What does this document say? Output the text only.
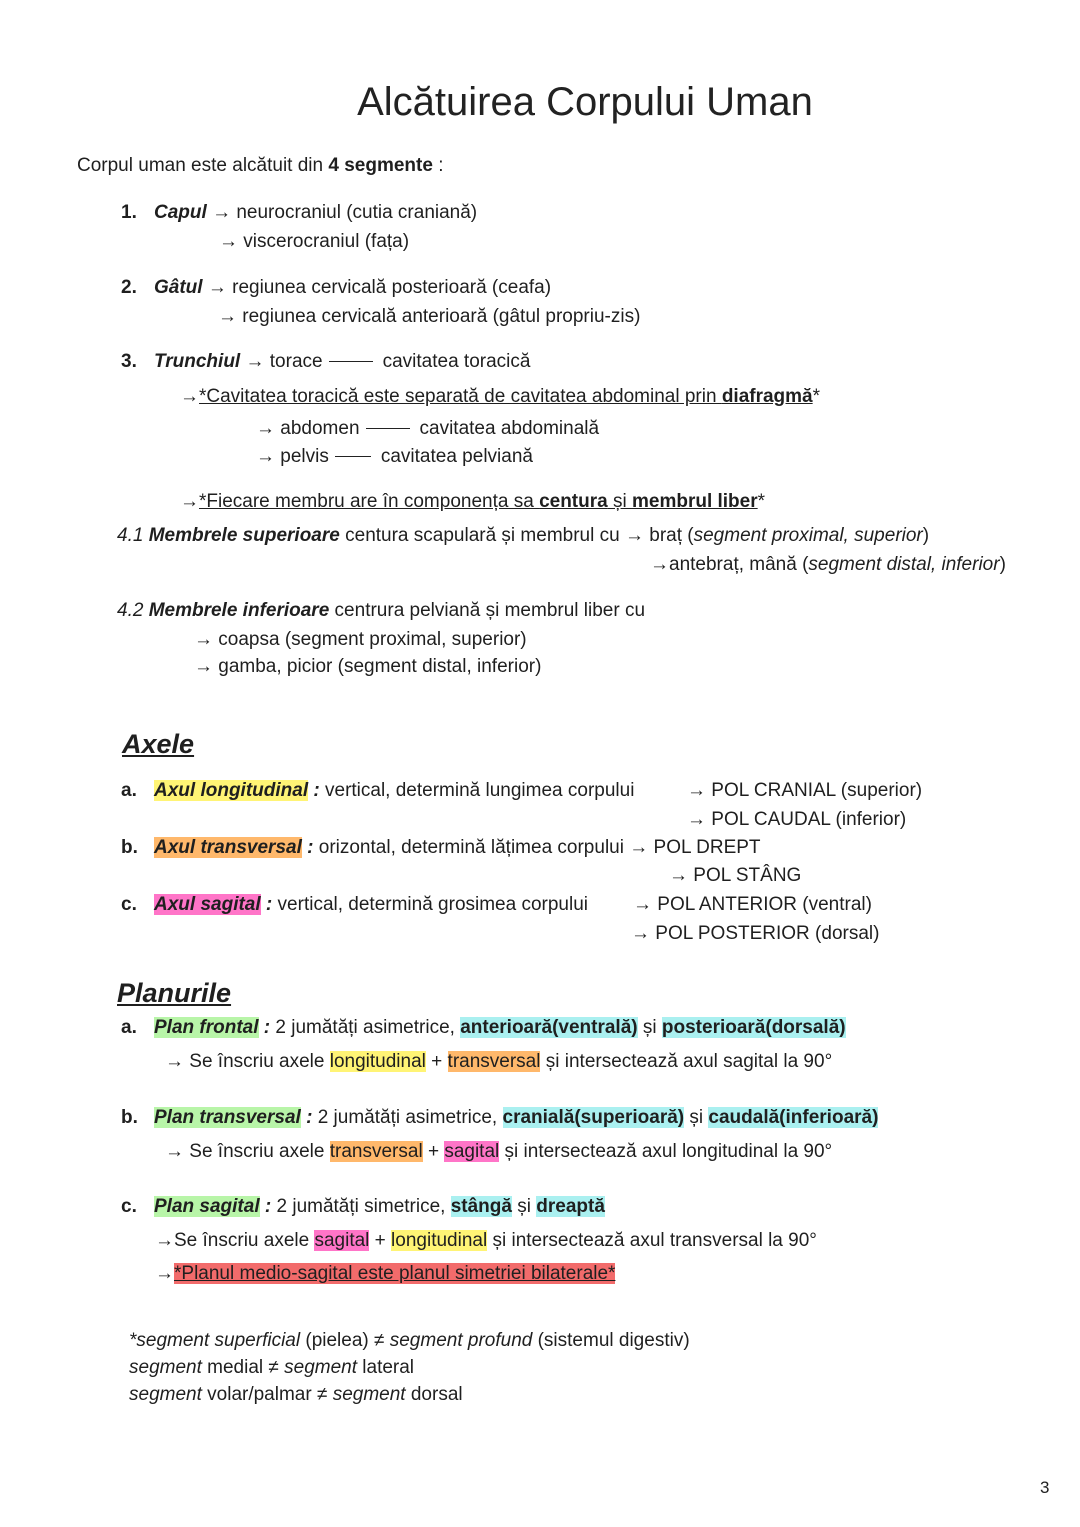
Alcătuirea Corpului Uman
Corpul uman este alcătuit din 4 segmente :
1. Capul → neurocraniul (cutia craniană)
→ viscerocraniul (fața)
2. Gâtul → regiunea cervicală posterioară (ceafa)
→ regiunea cervicală anterioară (gâtul propriu-zis)
3. Trunchiul → torace	cavitatea toracică
→*Cavitatea toracică este separată de cavitatea abdominal prin diafragmă*
→ abdomen	cavitatea abdominală
→ pelvis	cavitatea pelviană
→*Fiecare membru are în componența sa centura și membrul liber*
4.1 Membrele superioare centura scapulară și membrul cu → braț (segment proximal, superior)
→antebraț, mână (segment distal, inferior)
4.2 Membrele inferioare centrura pelviană și membrul liber cu
→ coapsa (segment proximal, superior)
→ gamba, picior (segment distal, inferior)
Axele
a. Axul longitudinal : vertical, determină lungimea corpului	→ POL CRANIAL (superior)
→ POL CAUDAL (inferior)
b. Axul transversal : orizontal, determină lățimea corpului → POL DREPT
→ POL STÂNG
c. Axul sagital : vertical, determină grosimea corpului → POL ANTERIOR (ventral)
→ POL POSTERIOR (dorsal)
Planurile
a. Plan frontal : 2 jumătăți asimetrice, anterioară(ventrală) și posterioară(dorsală)
→ Se înscriu axele longitudinal + transversal și intersectează axul sagital la 90°
b. Plan transversal : 2 jumătăți asimetrice, cranială(superioară) și caudală(inferioară)
→ Se înscriu axele transversal + sagital și intersectează axul longitudinal la 90°
c. Plan sagital : 2 jumătăți simetrice, stângă și dreaptă
→Se înscriu axele sagital + longitudinal și intersectează axul transversal la 90°
→*Planul medio-sagital este planul simetriei bilaterale*
*segment superficial (pielea) ≠ segment profund (sistemul digestiv)
segment medial ≠ segment lateral
segment volar/palmar ≠ segment dorsal
3
